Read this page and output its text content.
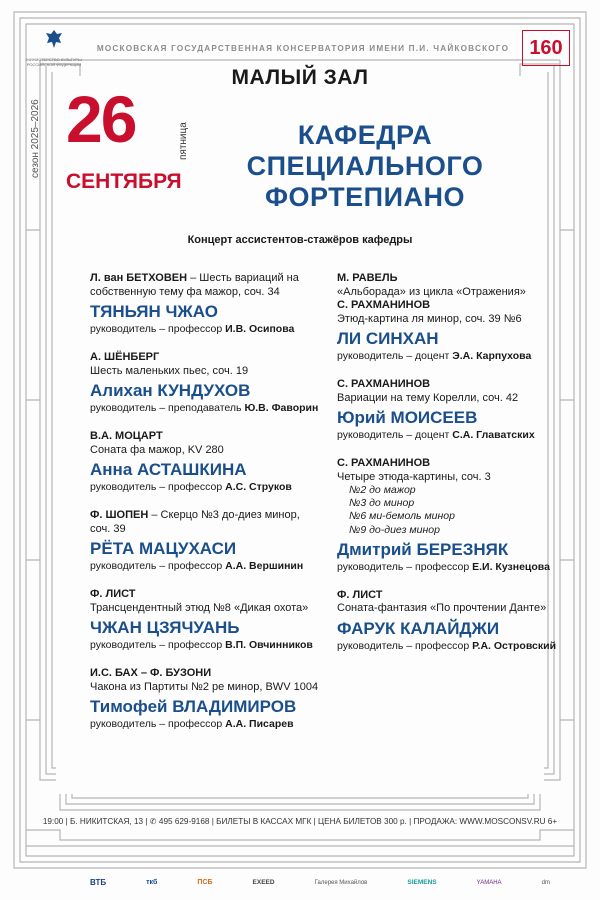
МИНИСТЕРСТВО КУЛЬТУРЫ РОССИЙСКОЙ ФЕДЕРАЦИИ
МОСКОВСКАЯ ГОСУДАРСТВЕННАЯ КОНСЕРВАТОРИЯ ИМЕНИ П.И. ЧАЙКОВСКОГО	160
МАЛЫЙ ЗАЛ
сезон 2025–2026 26	пятница
СЕНТЯБРЯ
КАФЕДРА
СПЕЦИАЛЬНОГО
ФОРТЕПИАНО
Концерт ассистентов-стажёров кафедры
Л. ван БЕТХОВЕН – Шесть вариаций на собственную тему фа мажор, соч. 34
ТЯНЬЯН ЧЖАО
руководитель – профессор И.В. Осипова
А. ШЁНБЕРГ
Шесть маленьких пьес, соч. 19
Алихан КУНДУХОВ
руководитель – преподаватель Ю.В. Фаворин
В.А. МОЦАРТ
Соната фа мажор, KV 280
Анна АСТАШКИНА
руководитель – профессор А.С. Струков
Ф. ШОПЕН – Скерцо №3 до-диез минор, соч. 39
РЁТА МАЦУХАСИ
руководитель – профессор А.А. Вершинин
Ф. ЛИСТ
Трансцендентный этюд №8 «Дикая охота»
ЧЖАН ЦЗЯЧУАНЬ
руководитель – профессор В.П. Овчинников
И.С. БАХ – Ф. БУЗОНИ
Чакона из Партиты №2 ре минор, BWV 1004
Тимофей ВЛАДИМИРОВ
руководитель – профессор А.А. Писарев
М. РАВЕЛЬ
«Альборада» из цикла «Отражения»
С. РАХМАНИНОВ
Этюд-картина ля минор, соч. 39 №6
ЛИ СИНХАН
руководитель – доцент Э.А. Карпухова
С. РАХМАНИНОВ
Вариации на тему Корелли, соч. 42
Юрий МОИСЕЕВ
руководитель – доцент С.А. Главатских
С. РАХМАНИНОВ
Четыре этюда-картины, соч. 3
№2 до мажор
№3 до минор
№6 ми-бемоль минор
№9 до-диез минор
Дмитрий БЕРЕЗНЯК
руководитель – профессор Е.И. Кузнецова
Ф. ЛИСТ
Соната-фантазия «По прочтении Данте»
ФАРУК КАЛАЙДЖИ
руководитель – профессор Р.А. Островский
19:00 | Б. НИКИТСКАЯ, 13 | ✆ 495 629-9168 | БИЛЕТЫ В КАССАХ МГК | ЦЕНА БИЛЕТОВ 300 р. | ПРОДАЖА: WWW.MOSCONSV.RU 6+
ВТБ	ткб	ПСБ	EXEED	Галерея Михайлов	SIEMENS	YAMAHA	dm
